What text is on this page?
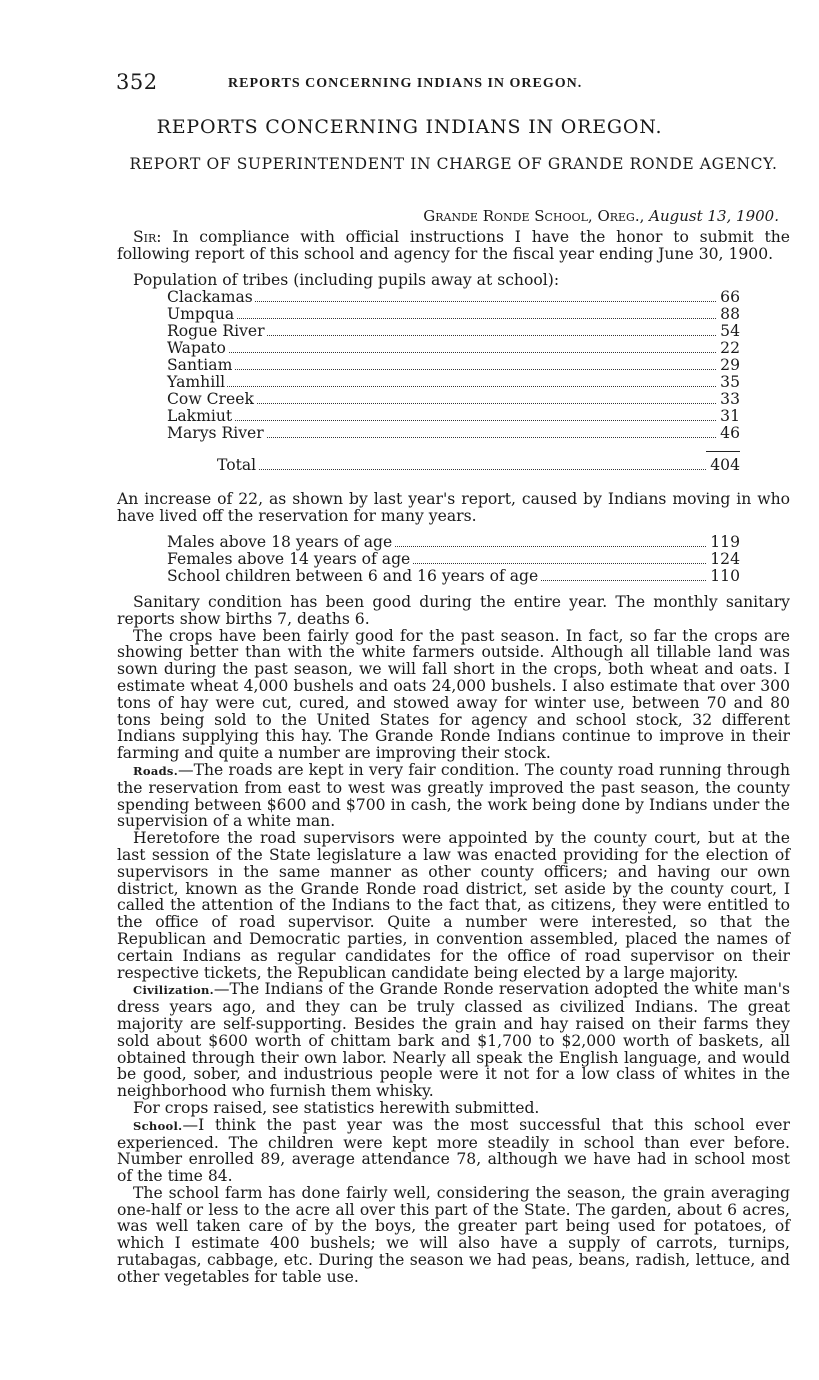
352	REPORTS CONCERNING INDIANS IN OREGON.
REPORTS CONCERNING INDIANS IN OREGON.
REPORT OF SUPERINTENDENT IN CHARGE OF GRANDE RONDE AGENCY.
Grande Ronde School, Oreg., August 13, 1900.

Sir: In compliance with official instructions I have the honor to submit the following report of this school and agency for the fiscal year ending June 30, 1900.

Population of tribes (including pupils away at school):

Clackamas	66
Umpqua	88
Rogue River	54
Wapato	22
Santiam	29
Yamhill	35
Cow Creek	33
Lakmiut	31
Marys River	46
Total	404

An increase of 22, as shown by last year's report, caused by Indians moving in who have lived off the reservation for many years.

Males above 18 years of age	119
Females above 14 years of age	124
School children between 6 and 16 years of age	110

Sanitary condition has been good during the entire year. The monthly sanitary reports show births 7, deaths 6.

The crops have been fairly good for the past season. In fact, so far the crops are showing better than with the white farmers outside. Although all tillable land was sown during the past season, we will fall short in the crops, both wheat and oats. I estimate wheat 4,000 bushels and oats 24,000 bushels. I also estimate that over 300 tons of hay were cut, cured, and stowed away for winter use, between 70 and 80 tons being sold to the United States for agency and school stock, 32 different Indians supplying this hay. The Grande Ronde Indians continue to improve in their farming and quite a number are improving their stock.

Roads.—The roads are kept in very fair condition. The county road running through the reservation from east to west was greatly improved the past season, the county spending between $600 and $700 in cash, the work being done by Indians under the supervision of a white man.

Heretofore the road supervisors were appointed by the county court, but at the last session of the State legislature a law was enacted providing for the election of supervisors in the same manner as other county officers; and having our own district, known as the Grande Ronde road district, set aside by the county court, I called the attention of the Indians to the fact that, as citizens, they were entitled to the office of road supervisor. Quite a number were interested, so that the Republican and Democratic parties, in convention assembled, placed the names of certain Indians as regular candidates for the office of road supervisor on their respective tickets, the Republican candidate being elected by a large majority.

Civilization.—The Indians of the Grande Ronde reservation adopted the white man's dress years ago, and they can be truly classed as civilized Indians. The great majority are self-supporting. Besides the grain and hay raised on their farms they sold about $600 worth of chittam bark and $1,700 to $2,000 worth of baskets, all obtained through their own labor. Nearly all speak the English language, and would be good, sober, and industrious people were it not for a low class of whites in the neighborhood who furnish them whisky.

For crops raised, see statistics herewith submitted.

School.—I think the past year was the most successful that this school ever experienced. The children were kept more steadily in school than ever before. Number enrolled 89, average attendance 78, although we have had in school most of the time 84.

The school farm has done fairly well, considering the season, the grain averaging one-half or less to the acre all over this part of the State. The garden, about 6 acres, was well taken care of by the boys, the greater part being used for potatoes, of which I estimate 400 bushels; we will also have a supply of carrots, turnips, rutabagas, cabbage, etc. During the season we had peas, beans, radish, lettuce, and other vegetables for table use.
